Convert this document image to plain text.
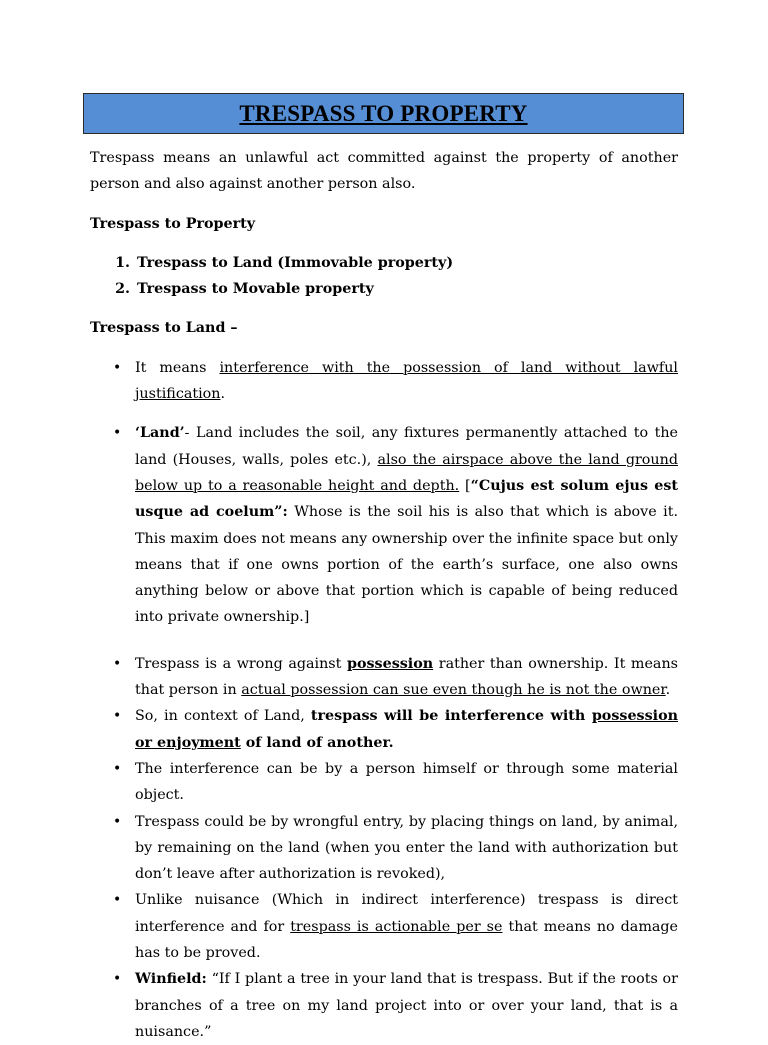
TRESPASS TO PROPERTY

Trespass means an unlawful act committed against the property of another person and also against another person also.

Trespass to Property

1. Trespass to Land (Immovable property)
2. Trespass to Movable property

Trespass to Land –

• It means interference with the possession of land without lawful justification.
• ‘Land’- Land includes the soil, any fixtures permanently attached to the land (Houses, walls, poles etc.), also the airspace above the land ground below up to a reasonable height and depth. [“Cujus est solum ejus est usque ad coelum”: Whose is the soil his is also that which is above it. This maxim does not means any ownership over the infinite space but only means that if one owns portion of the earth’s surface, one also owns anything below or above that portion which is capable of being reduced into private ownership.]
• Trespass is a wrong against possession rather than ownership. It means that person in actual possession can sue even though he is not the owner.
• So, in context of Land, trespass will be interference with possession or enjoyment of land of another.
• The interference can be by a person himself or through some material object.
• Trespass could be by wrongful entry, by placing things on land, by animal, by remaining on the land (when you enter the land with authorization but don’t leave after authorization is revoked),
• Unlike nuisance (Which in indirect interference) trespass is direct interference and for trespass is actionable per se that means no damage has to be proved.
• Winfield: “If I plant a tree in your land that is trespass. But if the roots or branches of a tree on my land project into or over your land, that is a nuisance.”
